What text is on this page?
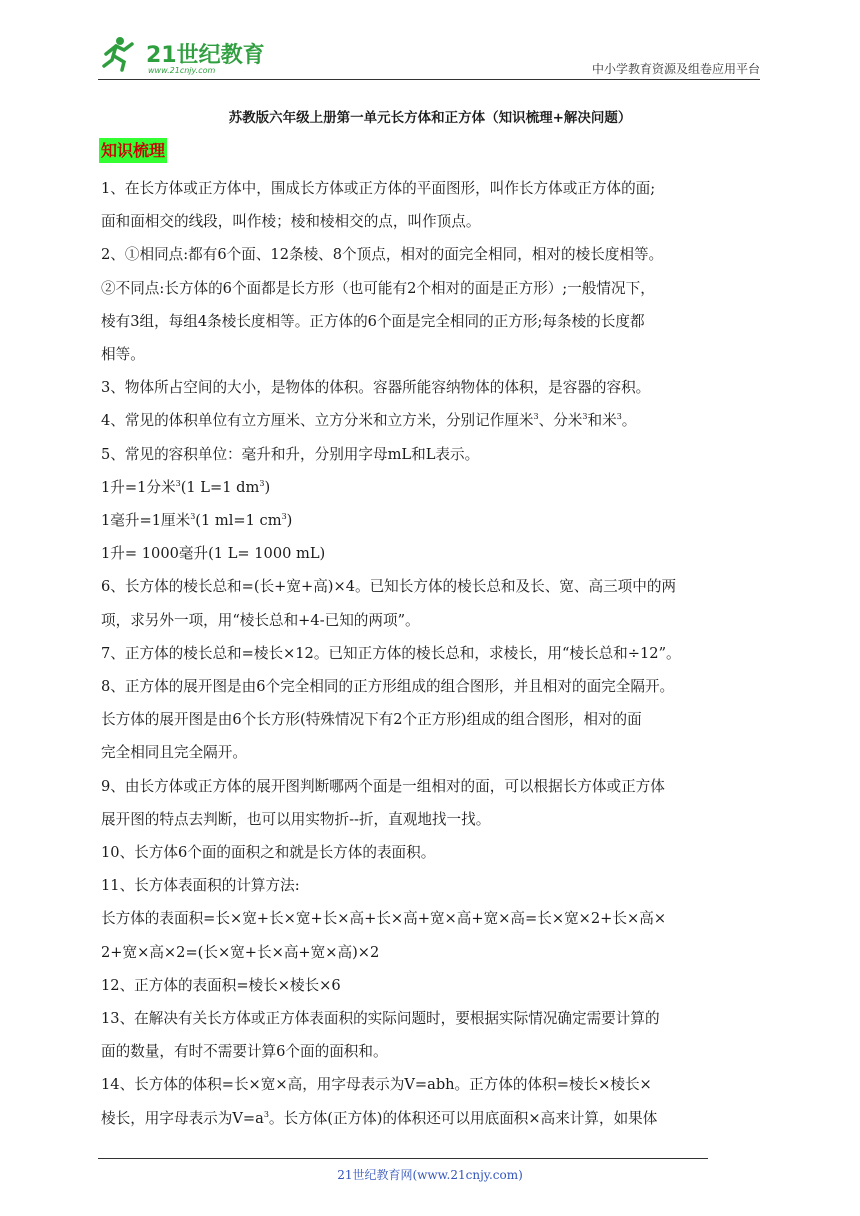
21世纪教育
www.21cnjy.com	中小学教育资源及组卷应用平台
苏教版六年级上册第一单元长方体和正方体（知识梳理+解决问题）
知识梳理

1、在长方体或正方体中，围成长方体或正方体的平面图形，叫作长方体或正方体的面;

面和面相交的线段，叫作棱；棱和棱相交的点，叫作顶点。

2、①相同点:都有6个面、12条棱、8个顶点，相对的面完全相同，相对的棱长度相等。

②不同点:长方体的6个面都是长方形（也可能有2个相对的面是正方形）;一般情况下，

棱有3组，每组4条棱长度相等。正方体的6个面是完全相同的正方形;每条棱的长度都

相等。

3、物体所占空间的大小，是物体的体积。容器所能容纳物体的体积，是容器的容积。

4、常见的体积单位有立方厘米、立方分米和立方米，分别记作厘米$^3$、分米$^3$和米$^3$。

5、常见的容积单位：毫升和升，分别用字母mL和L表示。

1升=1分米$^3$(1 L=1 $dm^3$)

1毫升=1厘米$^3$(1 ml=1 $cm^3$)

1升= 1000毫升(1 L= 1000 mL)

6、长方体的棱长总和=(长+宽+高)×4。已知长方体的棱长总和及长、宽、高三项中的两

项，求另外一项，用“棱长总和+4-已知的两项”。

7、正方体的棱长总和=棱长×12。已知正方体的棱长总和，求棱长，用“棱长总和÷12”。

8、正方体的展开图是由6个完全相同的正方形组成的组合图形，并且相对的面完全隔开。

长方体的展开图是由6个长方形(特殊情况下有2个正方形)组成的组合图形，相对的面

完全相同且完全隔开。

9、由长方体或正方体的展开图判断哪两个面是一组相对的面，可以根据长方体或正方体

展开图的特点去判断，也可以用实物折--折，直观地找一找。

10、长方体6个面的面积之和就是长方体的表面积。

11、长方体表面积的计算方法:

长方体的表面积=长×宽+长×宽+长×高+长×高+宽×高+宽×高=长×宽×2+长×高×

2+宽×高×2=(长×宽+长×高+宽×高)×2

12、正方体的表面积=棱长×棱长×6

13、在解决有关长方体或正方体表面积的实际问题时，要根据实际情况确定需要计算的

面的数量，有时不需要计算6个面的面积和。

14、长方体的体积=长×宽×高，用字母表示为V=abh。正方体的体积=棱长×棱长×

棱长，用字母表示为$V=a^3$。长方体(正方体)的体积还可以用底面积×高来计算，如果体

21世纪教育网(www.21cnjy.com)
